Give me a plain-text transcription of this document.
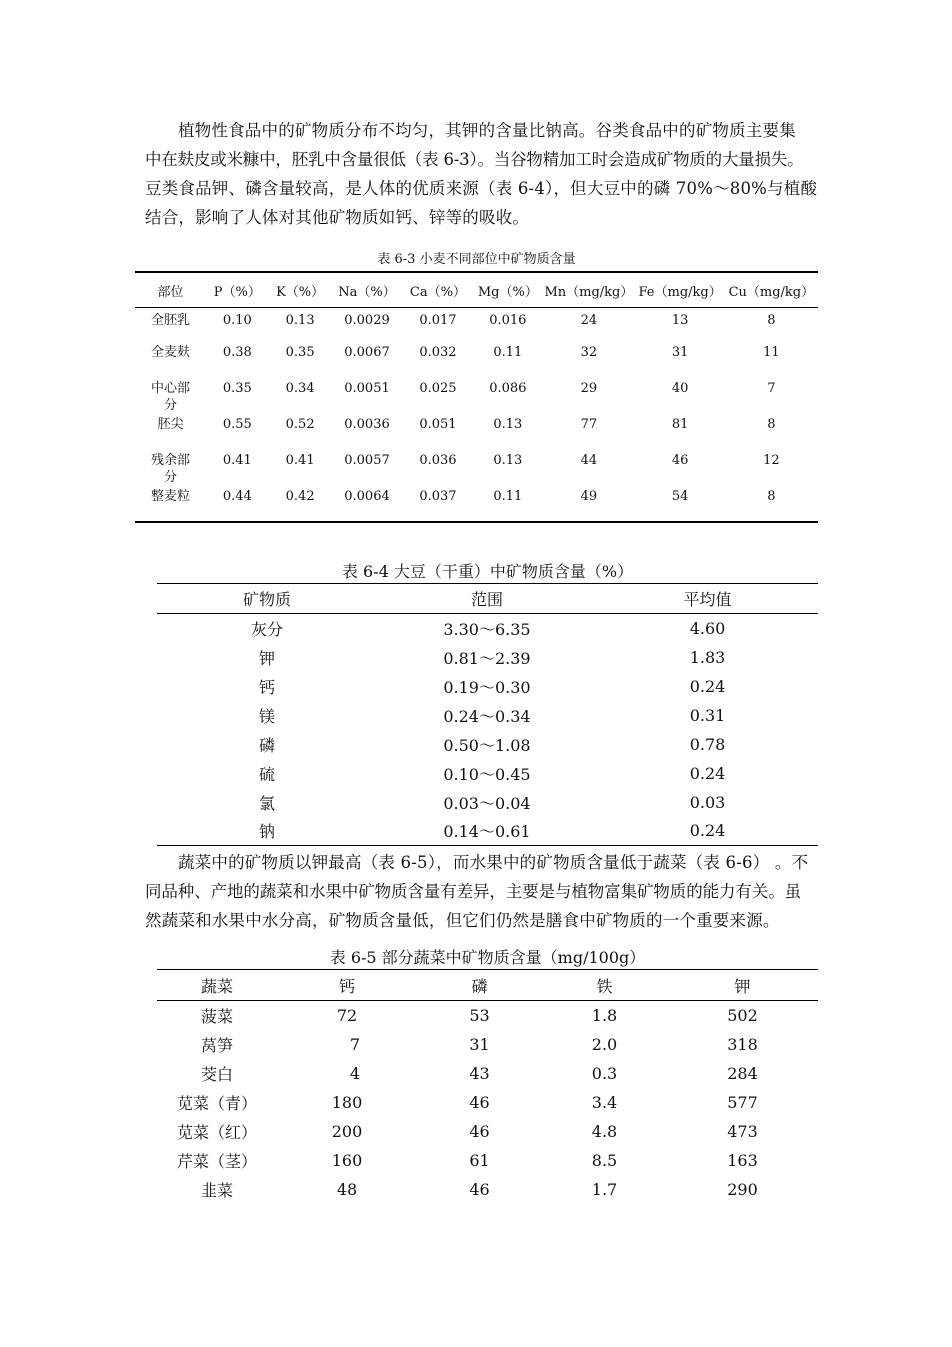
植物性食品中的矿物质分布不均匀，其钾的含量比钠高。谷类食品中的矿物质主要集
中在麸皮或米糠中，胚乳中含量很低（表 6-3）。当谷物精加工时会造成矿物质的大量损失。
豆类食品钾、磷含量较高，是人体的优质来源（表 6-4），但大豆中的磷 70%～80%与植酸
结合，影响了人体对其他矿物质如钙、锌等的吸收。

表 6-3 小麦不同部位中矿物质含量

部位	P（%）	K（%）	Na（%）	Ca（%）	Mg（%）	Mn（mg/kg）	Fe（mg/kg）	Cu（mg/kg）
全胚乳	0.10	0.13	0.0029	0.017	0.016	24	13	8
全麦麸	0.38	0.35	0.0067	0.032	0.11	32	31	11
中心部分	0.35	0.34	0.0051	0.025	0.086	29	40	7
胚尖	0.55	0.52	0.0036	0.051	0.13	77	81	8
残余部分	0.41	0.41	0.0057	0.036	0.13	44	46	12
整麦粒	0.44	0.42	0.0064	0.037	0.11	49	54	8

表 6-4 大豆（干重）中矿物质含量（%）

矿物质	范围	平均值
灰分	3.30～6.35	4.60
钾	0.81～2.39	1.83
钙	0.19～0.30	0.24
镁	0.24～0.34	0.31
磷	0.50～1.08	0.78
硫	0.10～0.45	0.24
氯	0.03～0.04	0.03
钠	0.14～0.61	0.24
蔬菜中的矿物质以钾最高（表 6-5），而水果中的矿物质含量低于蔬菜（表 6-6） 。不
同品种、产地的蔬菜和水果中矿物质含量有差异，主要是与植物富集矿物质的能力有关。虽
然蔬菜和水果中水分高，矿物质含量低，但它们仍然是膳食中矿物质的一个重要来源。

表 6-5 部分蔬菜中矿物质含量（mg/100g）

蔬菜	钙	磷	铁	钾
菠菜	72	53	1.8	502
莴笋	7	31	2.0	318
茭白	4	43	0.3	284
苋菜（青）	180	46	3.4	577
苋菜（红）	200	46	4.8	473
芹菜（茎）	160	61	8.5	163
韭菜	48	46	1.7	290
